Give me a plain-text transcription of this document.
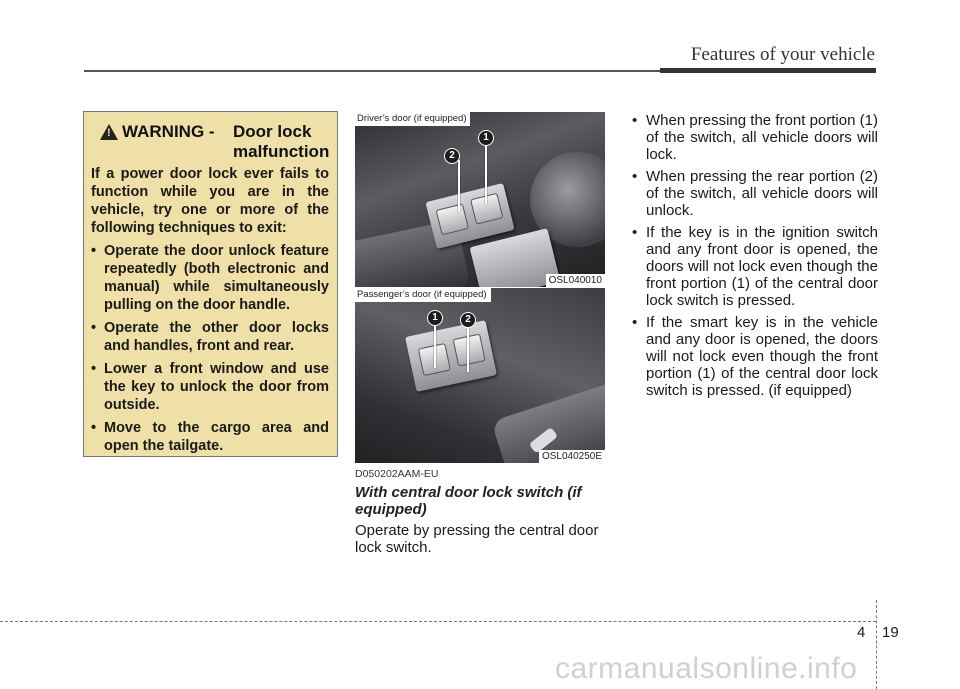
Features of your vehicle
! WARNING - Door lock malfunction
If a power door lock ever fails to function while you are in the vehicle, try one or more of the following techniques to exit:
• Operate the door unlock feature repeatedly (both electronic and manual) while simultaneously pulling on the door handle.
• Operate the other door locks and handles, front and rear.
• Lower a front window and use the key to unlock the door from outside.
• Move to the cargo area and open the tailgate.
2
1
Driver’s door (if equipped)
OSL040010
1	2
Passenger’s door (if equipped)
OSL040250E
D050202AAM-EU
With central door lock switch (if equipped)
Operate by pressing the central door lock switch.
• When pressing the front portion (1) of the switch, all vehicle doors will lock.
• When pressing the rear portion (2) of the switch, all vehicle doors will unlock.
• If the key is in the ignition switch and any front door is opened, the doors will not lock even though the front portion (1) of the central door lock switch is pressed.
• If the smart key is in the vehicle and any door is opened, the doors will not lock even though the front portion (1) of the central door lock switch is pressed. (if equipped)
4 19
carmanualsonline.info
